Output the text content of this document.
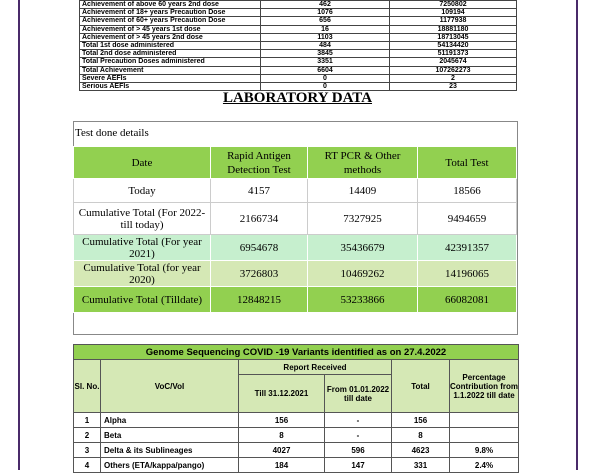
Achievement of above 60 years 2nd dose	462	7250802
Achievement of 18+ years Precaution Dose	1076	109194
Achievement of 60+ years Precaution Dose	656	1177938
Achievement of > 45 years 1st dose	16	18881180
Achievement of > 45 years 2nd dose	1103	18713045
Total 1st dose administered	484	54134420
Total 2nd dose administered	3845	51191373
Total Precaution Doses administered	3351	2045674
Total Achievement	6604	107262273
Severe AEFIs	0	2
Serious AEFIs	0	23
LABORATORY DATA
Test done details
Date	Rapid Antigen Detection Test	RT PCR & Other methods	Total Test
Today	4157	14409	18566
Cumulative Total (For 2022- till today)	2166734	7327925	9494659
Cumulative Total (For year 2021)	6954678	35436679	42391357
Cumulative Total (for year 2020)	3726803	10469262	14196065
Cumulative Total (Tilldate)	12848215	53233866	66082081
Genome Sequencing COVID -19 Variants identified as on 27.4.2022					
Sl. No.	VoC/VoI	Report Received		Total	Percentage Contribution from 1.1.2022 till date
		Till 31.12.2021	From 01.01.2022 till date		
1	Alpha	156	-	156	
2	Beta	8	-	8	
3	Delta & its Sublineages	4027	596	4623	9.8%
4	Others (ETA/kappa/pango)	184	147	331	2.4%
